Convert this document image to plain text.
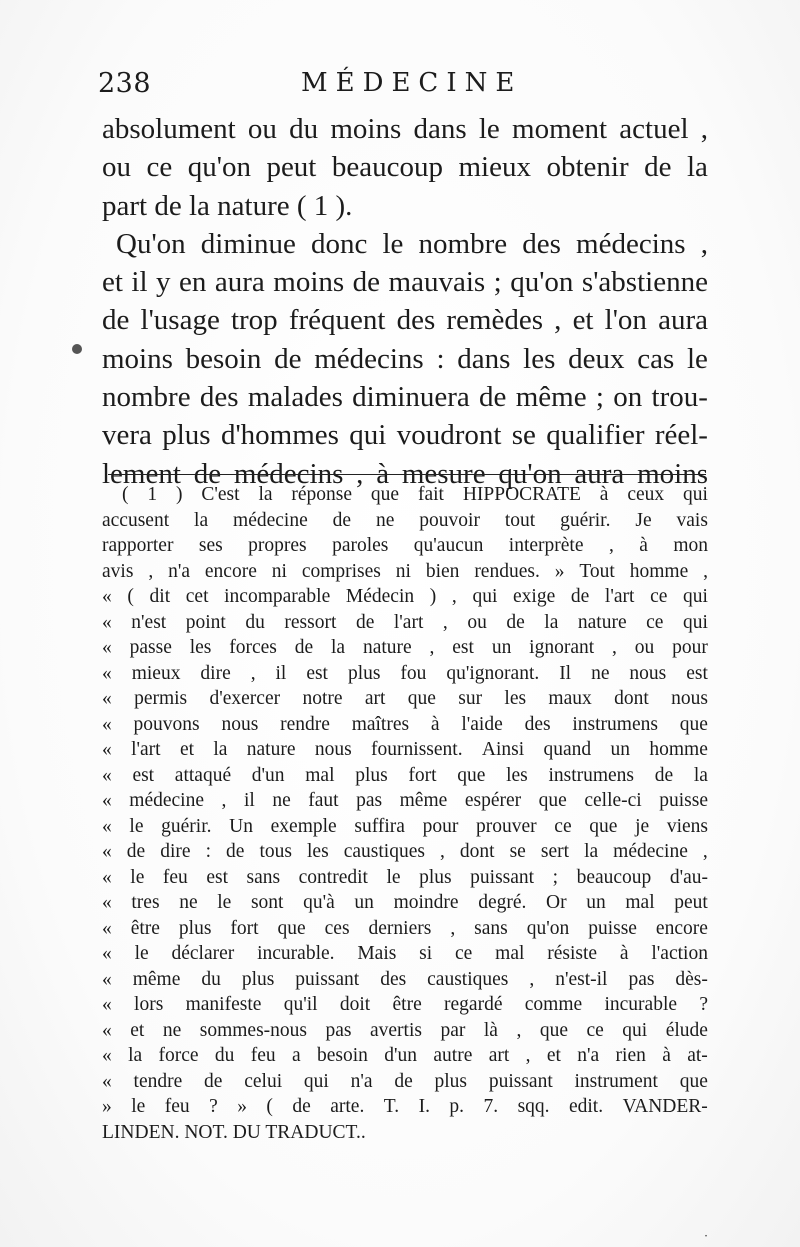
238	MÉDECINE
absolument ou du moins dans le moment actuel ,
ou ce qu'on peut beaucoup mieux obtenir de la
part de la nature ( 1 ).
Qu'on diminue donc le nombre des médecins ,
et il y en aura moins de mauvais ; qu'on s'abstienne
de l'usage trop fréquent des remèdes , et l'on aura
moins besoin de médecins : dans les deux cas le
nombre des malades diminuera de même ; on trou-
vera plus d'hommes qui voudront se qualifier réel-
lement de médecins , à mesure qu'on aura moins
( 1 ) C'est la réponse que fait HIPPOCRATE à ceux qui
accusent la médecine de ne pouvoir tout guérir. Je vais
rapporter ses propres paroles qu'aucun interprète , à mon
avis , n'a encore ni comprises ni bien rendues. » Tout homme ,
« ( dit cet incomparable Médecin ) , qui exige de l'art ce qui
« n'est point du ressort de l'art , ou de la nature ce qui
« passe les forces de la nature , est un ignorant , ou pour
« mieux dire , il est plus fou qu'ignorant. Il ne nous est
« permis d'exercer notre art que sur les maux dont nous
« pouvons nous rendre maîtres à l'aide des instrumens que
« l'art et la nature nous fournissent. Ainsi quand un homme
« est attaqué d'un mal plus fort que les instrumens de la
« médecine , il ne faut pas même espérer que celle-ci puisse
« le guérir. Un exemple suffira pour prouver ce que je viens
« de dire : de tous les caustiques , dont se sert la médecine ,
« le feu est sans contredit le plus puissant ; beaucoup d'au-
« tres ne le sont qu'à un moindre degré. Or un mal peut
« être plus fort que ces derniers , sans qu'on puisse encore
« le déclarer incurable. Mais si ce mal résiste à l'action
« même du plus puissant des caustiques , n'est-il pas dès-
« lors manifeste qu'il doit être regardé comme incurable ?
« et ne sommes-nous pas avertis par là , que ce qui élude
« la force du feu a besoin d'un autre art , et n'a rien à at-
« tendre de celui qui n'a de plus puissant instrument que
» le feu ? » ( de arte. T. I. p. 7. sqq. edit. VANDER-
LINDEN. NOT. DU TRADUCT..
·
